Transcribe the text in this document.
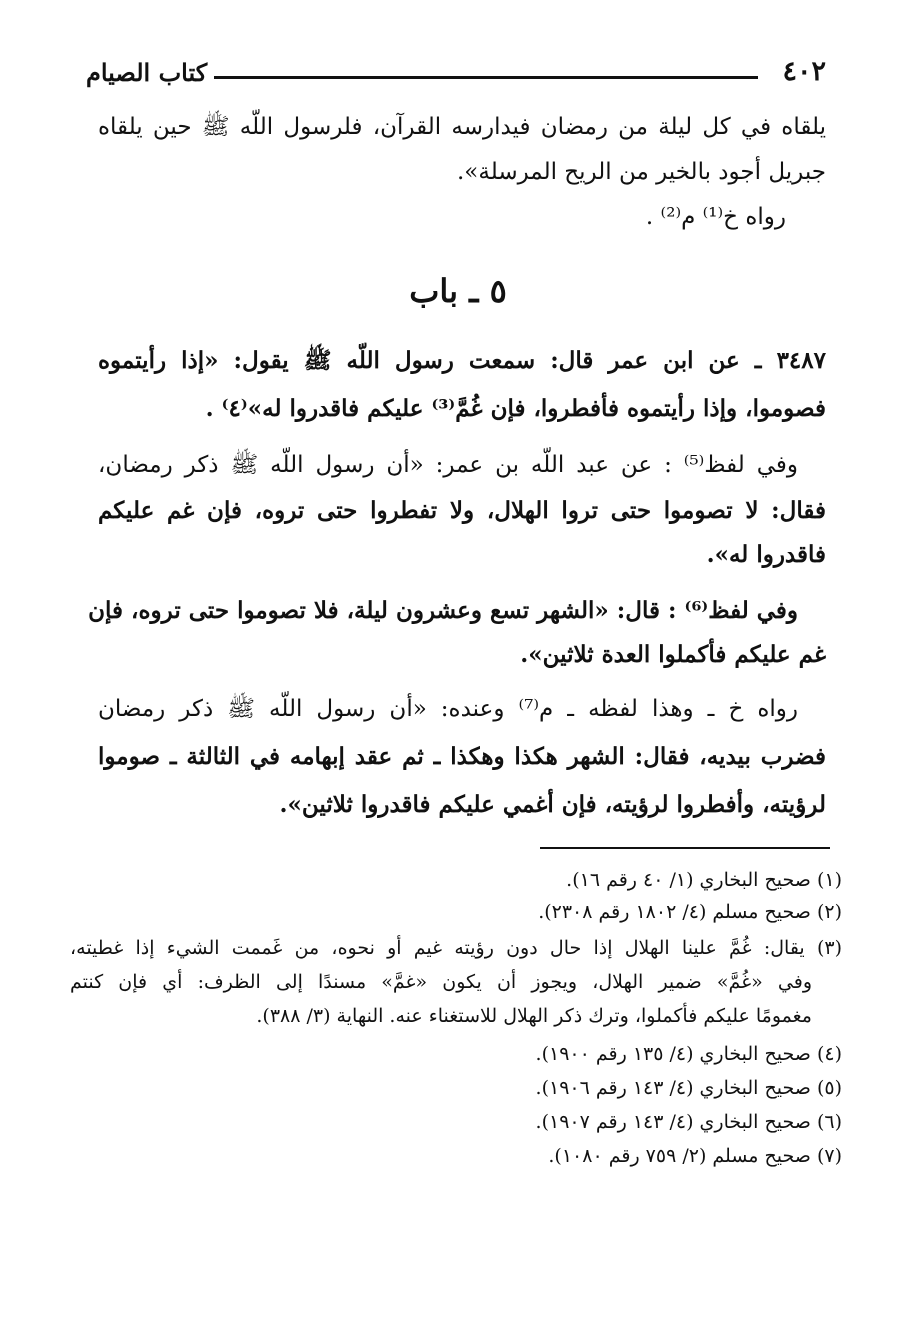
٤٠٢
كتاب الصيام
يلقاه في كل ليلة من رمضان فيدارسه القرآن، فلرسول اللّه ﷺ حين يلقاه
جبريل أجود بالخير من الريح المرسلة».
رواه خ⁽¹⁾ م⁽²⁾ .
٥ ـ باب
٣٤٨٧ ـ عن ابن عمر قال: سمعت رسول اللّه ﷺ يقول: «إذا رأيتموه
فصوموا، وإذا رأيتموه فأفطروا، فإن غُمَّ⁽³⁾ عليكم فاقدروا له»⁽٤⁾ .
وفي لفظ⁽⁵⁾ : عن عبد اللّه بن عمر: «أن رسول اللّه ﷺ ذكر رمضان،
فقال: لا تصوموا حتى تروا الهلال، ولا تفطروا حتى تروه، فإن غم عليكم
فاقدروا له».
وفي لفظ⁽⁶⁾ : قال: «الشهر تسع وعشرون ليلة، فلا تصوموا حتى تروه، فإن
غم عليكم فأكملوا العدة ثلاثين».
رواه خ ـ وهذا لفظه ـ م⁽⁷⁾ وعنده: «أن رسول اللّه ﷺ ذكر رمضان
فضرب بيديه، فقال: الشهر هكذا وهكذا ـ ثم عقد إبهامه في الثالثة ـ صوموا
لرؤيته، وأفطروا لرؤيته، فإن أغمي عليكم فاقدروا ثلاثين».
(١) صحيح البخاري (١/ ٤٠ رقم ١٦).
(٢) صحيح مسلم (٤/ ١٨٠٢ رقم ٢٣٠٨).
(٣) يقال: غُمَّ علينا الهلال إذا حال دون رؤيته غيم أو نحوه، من غَممت الشيء إذا غطيته،
وفي «غُمَّ» ضمير الهلال، ويجوز أن يكون «غمَّ» مسندًا إلى الظرف: أي فإن كنتم
مغمومًا عليكم فأكملوا، وترك ذكر الهلال للاستغناء عنه. النهاية (٣/ ٣٨٨).
(٤) صحيح البخاري (٤/ ١٣٥ رقم ١٩٠٠).
(٥) صحيح البخاري (٤/ ١٤٣ رقم ١٩٠٦).
(٦) صحيح البخاري (٤/ ١٤٣ رقم ١٩٠٧).
(٧) صحيح مسلم (٢/ ٧٥٩ رقم ١٠٨٠).
